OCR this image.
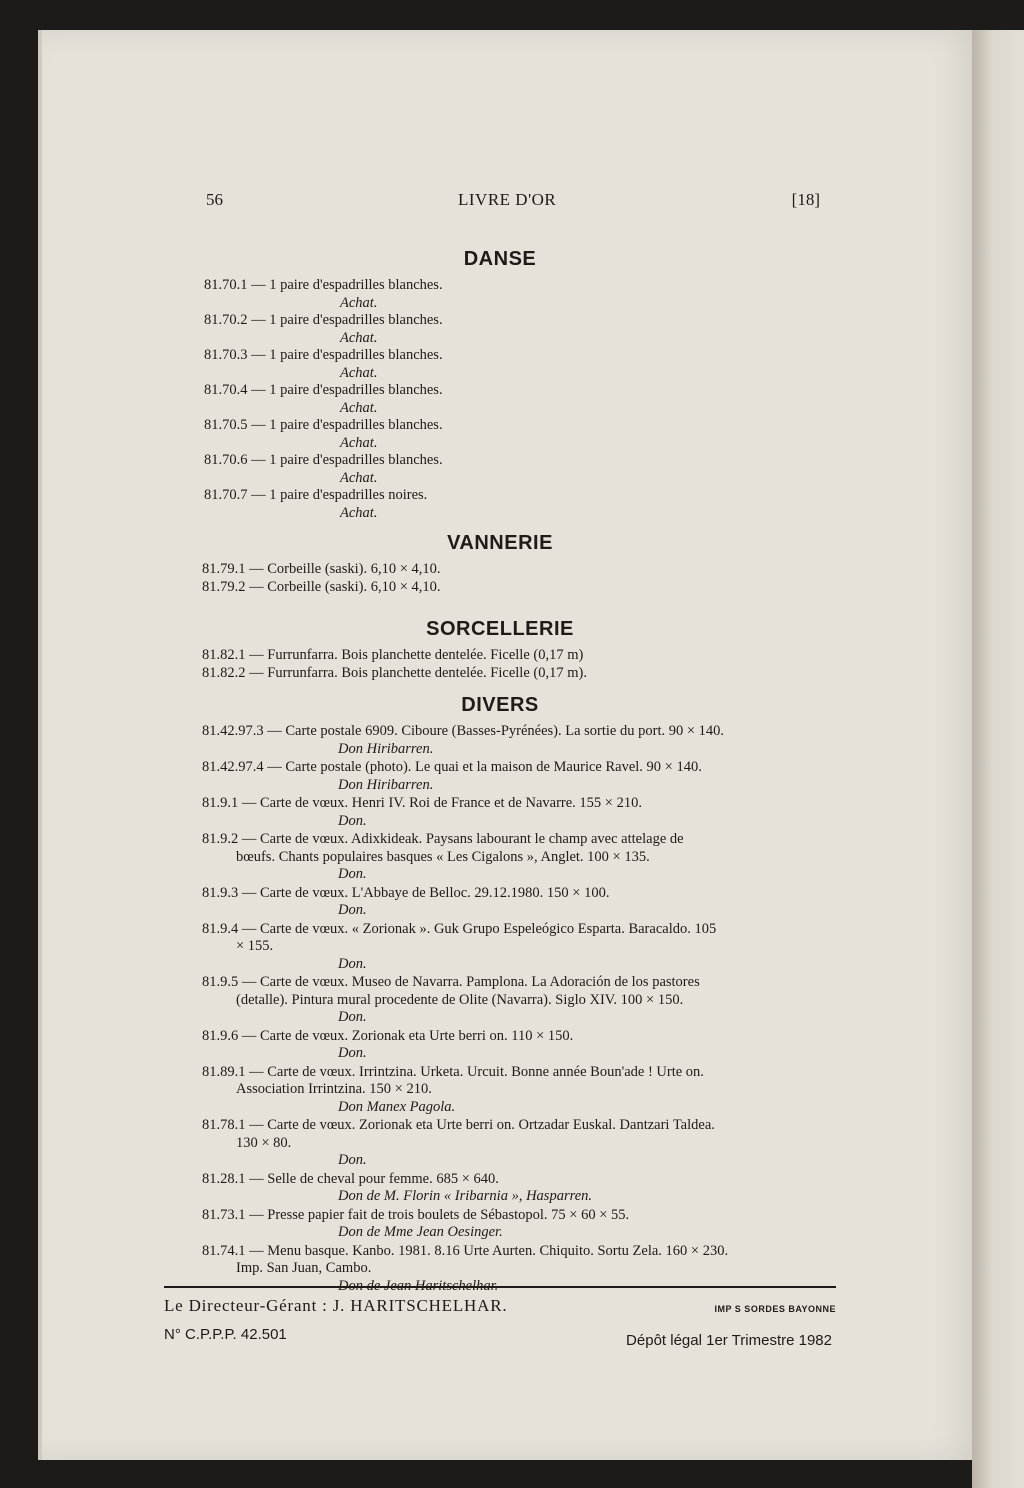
56	LIVRE D'OR	[18]
DANSE
81.70.1 — 1 paire d'espadrilles blanches.
Achat.
81.70.2 — 1 paire d'espadrilles blanches.
Achat.
81.70.3 — 1 paire d'espadrilles blanches.
Achat.
81.70.4 — 1 paire d'espadrilles blanches.
Achat.
81.70.5 — 1 paire d'espadrilles blanches.
Achat.
81.70.6 — 1 paire d'espadrilles blanches.
Achat.
81.70.7 — 1 paire d'espadrilles noires.
Achat.
VANNERIE
81.79.1 — Corbeille (saski). 6,10 × 4,10.
81.79.2 — Corbeille (saski). 6,10 × 4,10.
SORCELLERIE
81.82.1 — Furrunfarra. Bois planchette dentelée. Ficelle (0,17 m)
81.82.2 — Furrunfarra. Bois planchette dentelée. Ficelle (0,17 m).
DIVERS
81.42.97.3 — Carte postale 6909. Ciboure (Basses-Pyrénées). La sortie du port. 90 × 140.
Don Hiribarren.
81.42.97.4 — Carte postale (photo). Le quai et la maison de Maurice Ravel. 90 × 140.
Don Hiribarren.
81.9.1 — Carte de vœux. Henri IV. Roi de France et de Navarre. 155 × 210.
Don.
81.9.2 — Carte de vœux. Adixkideak. Paysans labourant le champ avec attelage de
bœufs. Chants populaires basques « Les Cigalons », Anglet. 100 × 135.
Don.
81.9.3 — Carte de vœux. L'Abbaye de Belloc. 29.12.1980. 150 × 100.
Don.
81.9.4 — Carte de vœux. « Zorionak ». Guk Grupo Espeleógico Esparta. Baracaldo. 105
× 155.
Don.
81.9.5 — Carte de vœux. Museo de Navarra. Pamplona. La Adoración de los pastores
(detalle). Pintura mural procedente de Olite (Navarra). Siglo XIV. 100 × 150.
Don.
81.9.6 — Carte de vœux. Zorionak eta Urte berri on. 110 × 150.
Don.
81.89.1 — Carte de vœux. Irrintzina. Urketa. Urcuit. Bonne année Boun'ade ! Urte on.
Association Irrintzina. 150 × 210.
Don Manex Pagola.
81.78.1 — Carte de vœux. Zorionak eta Urte berri on. Ortzadar Euskal. Dantzari Taldea.
130 × 80.
Don.
81.28.1 — Selle de cheval pour femme. 685 × 640.
Don de M. Florin « Iribarnia », Hasparren.
81.73.1 — Presse papier fait de trois boulets de Sébastopol. 75 × 60 × 55.
Don de Mme Jean Oesinger.
81.74.1 — Menu basque. Kanbo. 1981. 8.16 Urte Aurten. Chiquito. Sortu Zela. 160 × 230.
Imp. San Juan, Cambo.
Le Directeur-Gérant : J. HARITSCHELHAR.	IMP S SORDES BAYONNE
N° C.P.P.P. 42.501	Dépôt légal 1er Trimestre 1982
